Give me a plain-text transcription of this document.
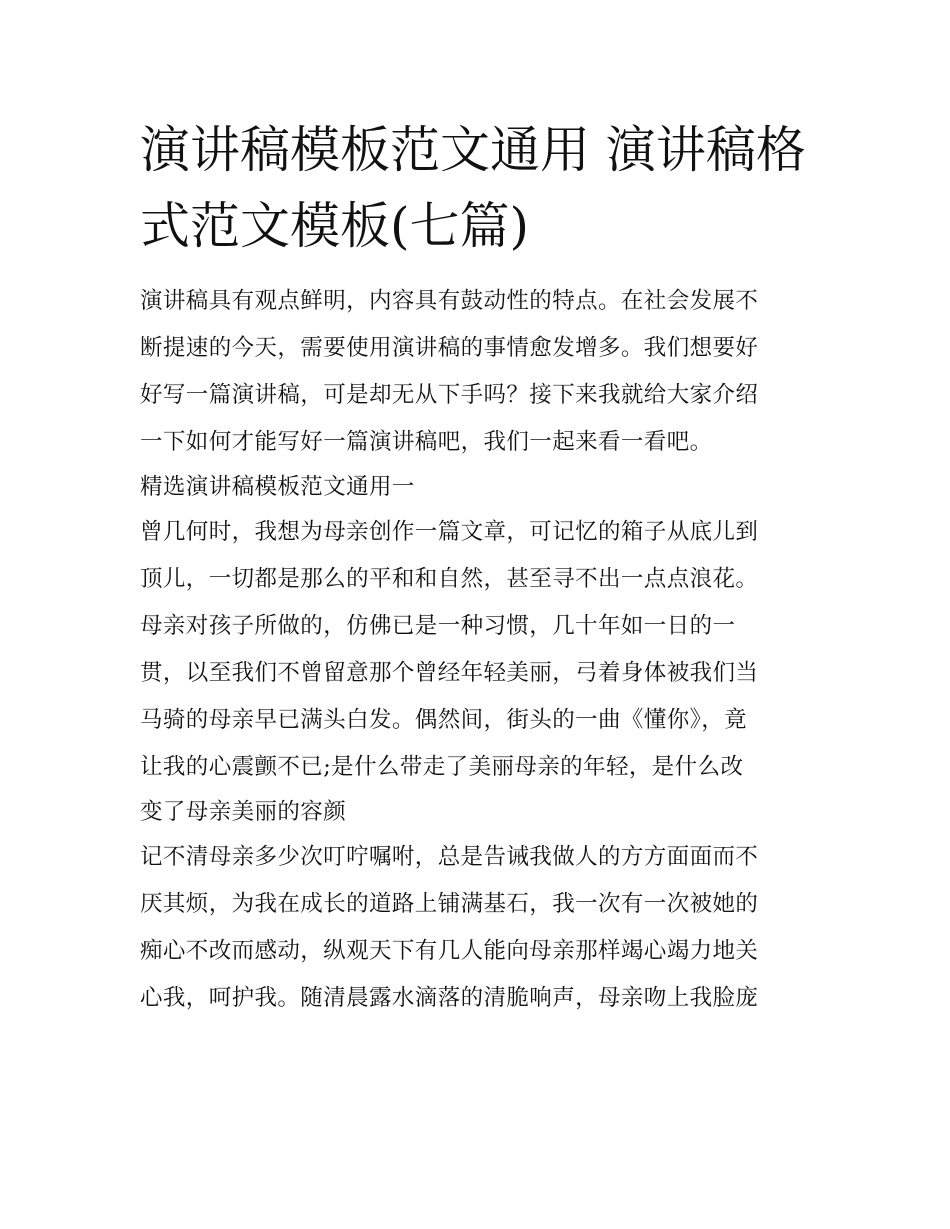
演讲稿模板范文通用 演讲稿格
式范文模板(七篇)
演讲稿具有观点鲜明，内容具有鼓动性的特点。在社会发展不
断提速的今天，需要使用演讲稿的事情愈发增多。我们想要好
好写一篇演讲稿，可是却无从下手吗？接下来我就给大家介绍
一下如何才能写好一篇演讲稿吧，我们一起来看一看吧。
精选演讲稿模板范文通用一
曾几何时，我想为母亲创作一篇文章，可记忆的箱子从底儿到
顶儿，一切都是那么的平和和自然，甚至寻不出一点点浪花。
母亲对孩子所做的，仿佛已是一种习惯，几十年如一日的一
贯，以至我们不曾留意那个曾经年轻美丽，弓着身体被我们当
马骑的母亲早已满头白发。偶然间，街头的一曲《懂你》，竟
让我的心震颤不已;是什么带走了美丽母亲的年轻，是什么改
变了母亲美丽的容颜
记不清母亲多少次叮咛嘱咐，总是告诫我做人的方方面面而不
厌其烦，为我在成长的道路上铺满基石，我一次有一次被她的
痴心不改而感动，纵观天下有几人能向母亲那样竭心竭力地关
心我，呵护我。随清晨露水滴落的清脆响声，母亲吻上我脸庞
